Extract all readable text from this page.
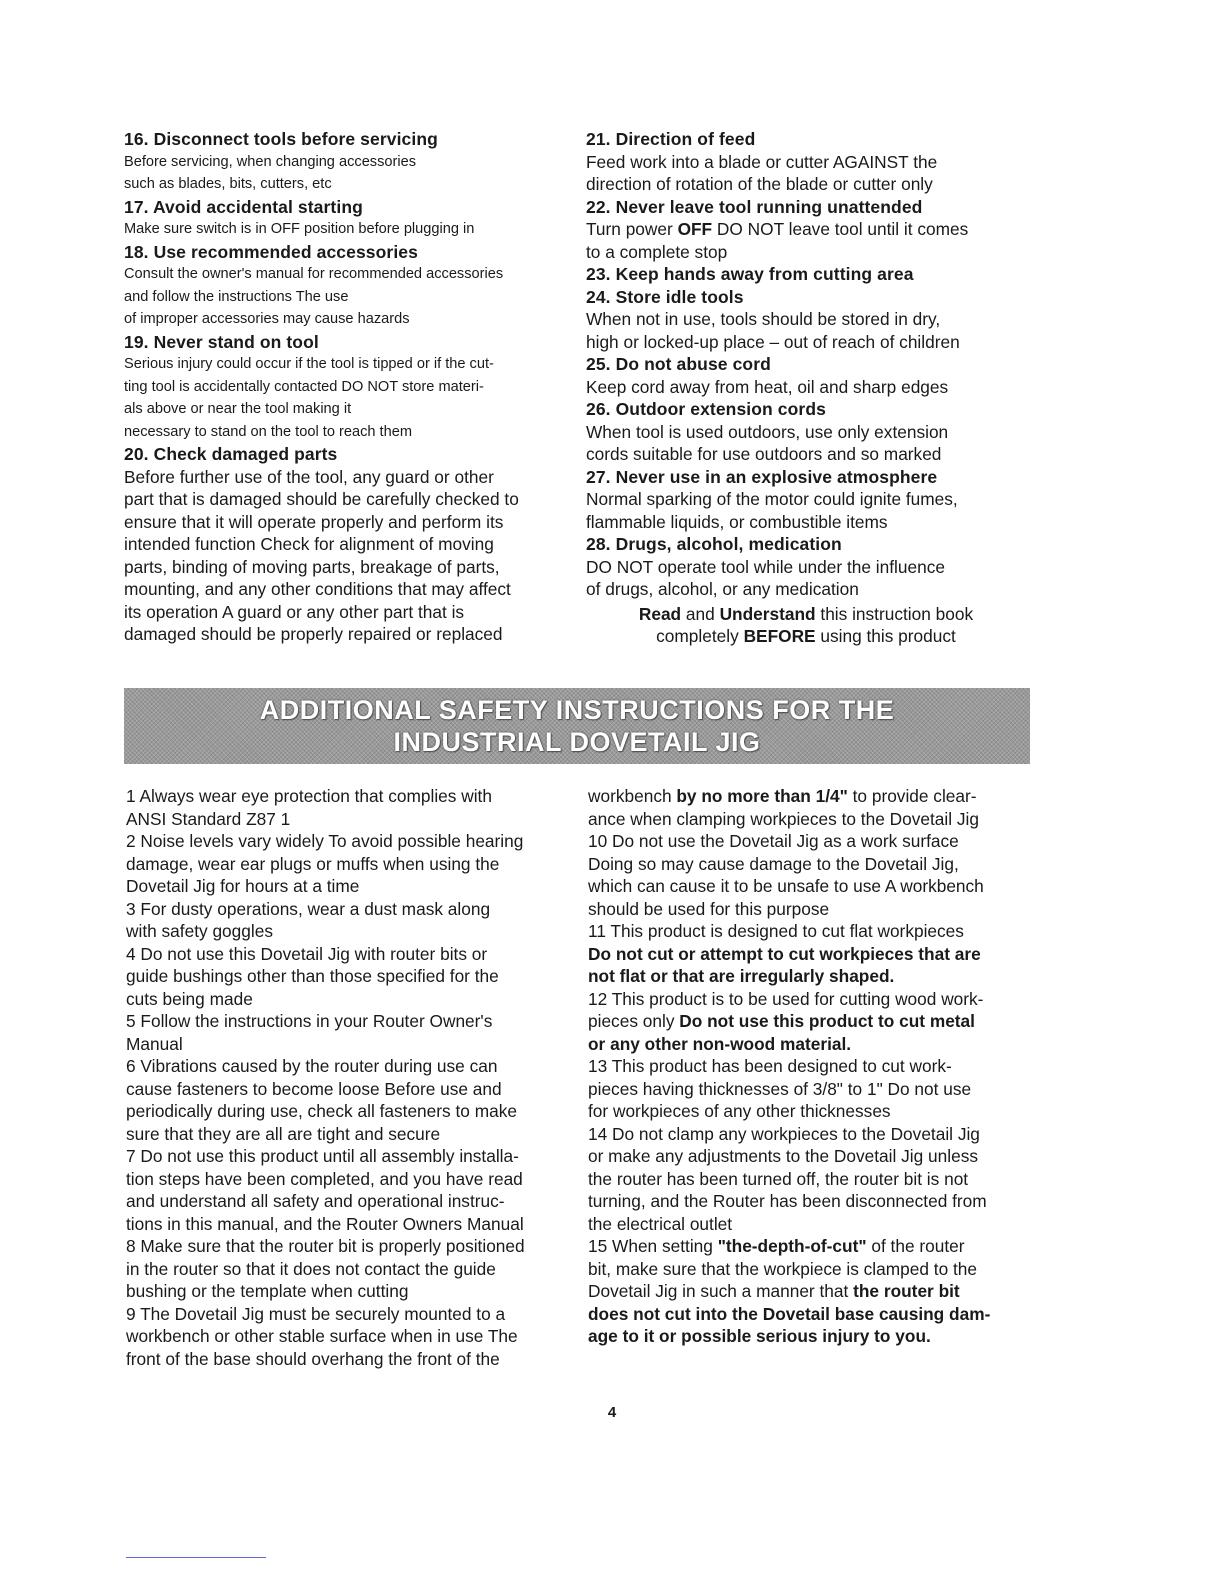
16. Disconnect tools before servicing

Before servicing, when changing accessories

such as blades, bits, cutters, etc

17. Avoid accidental starting

Make sure switch is in OFF position before plugging in

18. Use recommended accessories

Consult the owner's manual for recommended accessories

and follow the instructions The use

of improper accessories may cause hazards

19. Never stand on tool

Serious injury could occur if the tool is tipped or if the cut-

ting tool is accidentally contacted DO NOT store materi-

als above or near the tool making it

necessary to stand on the tool to reach them

20. Check damaged parts

Before further use of the tool, any guard or other

part that is damaged should be carefully checked to

ensure that it will operate properly and perform its

intended function Check for alignment of moving

parts, binding of moving parts, breakage of parts,

mounting, and any other conditions that may affect

its operation A guard or any other part that is

damaged should be properly repaired or replaced

21. Direction of feed

Feed work into a blade or cutter AGAINST the

direction of rotation of the blade or cutter only

22. Never leave tool running unattended

Turn power OFF DO NOT leave tool until it comes

to a complete stop

23. Keep hands away from cutting area

24. Store idle tools

When not in use, tools should be stored in dry,

high or locked-up place – out of reach of children

25. Do not abuse cord

Keep cord away from heat, oil and sharp edges

26. Outdoor extension cords

When tool is used outdoors, use only extension

cords suitable for use outdoors and so marked

27. Never use in an explosive atmosphere

Normal sparking of the motor could ignite fumes,

flammable liquids, or combustible items

28. Drugs, alcohol, medication

DO NOT operate tool while under the influence

of drugs, alcohol, or any medication

Read and Understand this instruction book
completely BEFORE using this product
ADDITIONAL SAFETY INSTRUCTIONS FOR THE
INDUSTRIAL DOVETAIL JIG

1 Always wear eye protection that complies with

ANSI Standard Z87 1

2 Noise levels vary widely To avoid possible hearing

damage, wear ear plugs or muffs when using the

Dovetail Jig for hours at a time

3 For dusty operations, wear a dust mask along

with safety goggles

4 Do not use this Dovetail Jig with router bits or

guide bushings other than those specified for the

cuts being made

5 Follow the instructions in your Router Owner's

Manual

6 Vibrations caused by the router during use can

cause fasteners to become loose Before use and

periodically during use, check all fasteners to make

sure that they are all are tight and secure

7 Do not use this product until all assembly installa-

tion steps have been completed, and you have read

and understand all safety and operational instruc-

tions in this manual, and the Router Owners Manual

8 Make sure that the router bit is properly positioned

in the router so that it does not contact the guide

bushing or the template when cutting

9 The Dovetail Jig must be securely mounted to a

workbench or other stable surface when in use The

front of the base should overhang the front of the

workbench by no more than 1/4" to provide clear-

ance when clamping workpieces to the Dovetail Jig

10 Do not use the Dovetail Jig as a work surface

Doing so may cause damage to the Dovetail Jig,

which can cause it to be unsafe to use A workbench

should be used for this purpose

11 This product is designed to cut flat workpieces

Do not cut or attempt to cut workpieces that are

not flat or that are irregularly shaped.

12 This product is to be used for cutting wood work-

pieces only Do not use this product to cut metal

or any other non-wood material.

13 This product has been designed to cut work-

pieces having thicknesses of 3/8" to 1" Do not use

for workpieces of any other thicknesses

14 Do not clamp any workpieces to the Dovetail Jig

or make any adjustments to the Dovetail Jig unless

the router has been turned off, the router bit is not

turning, and the Router has been disconnected from

the electrical outlet

15 When setting "the-depth-of-cut" of the router

bit, make sure that the workpiece is clamped to the

Dovetail Jig in such a manner that the router bit

does not cut into the Dovetail base causing dam-

age to it or possible serious injury to you.

4
